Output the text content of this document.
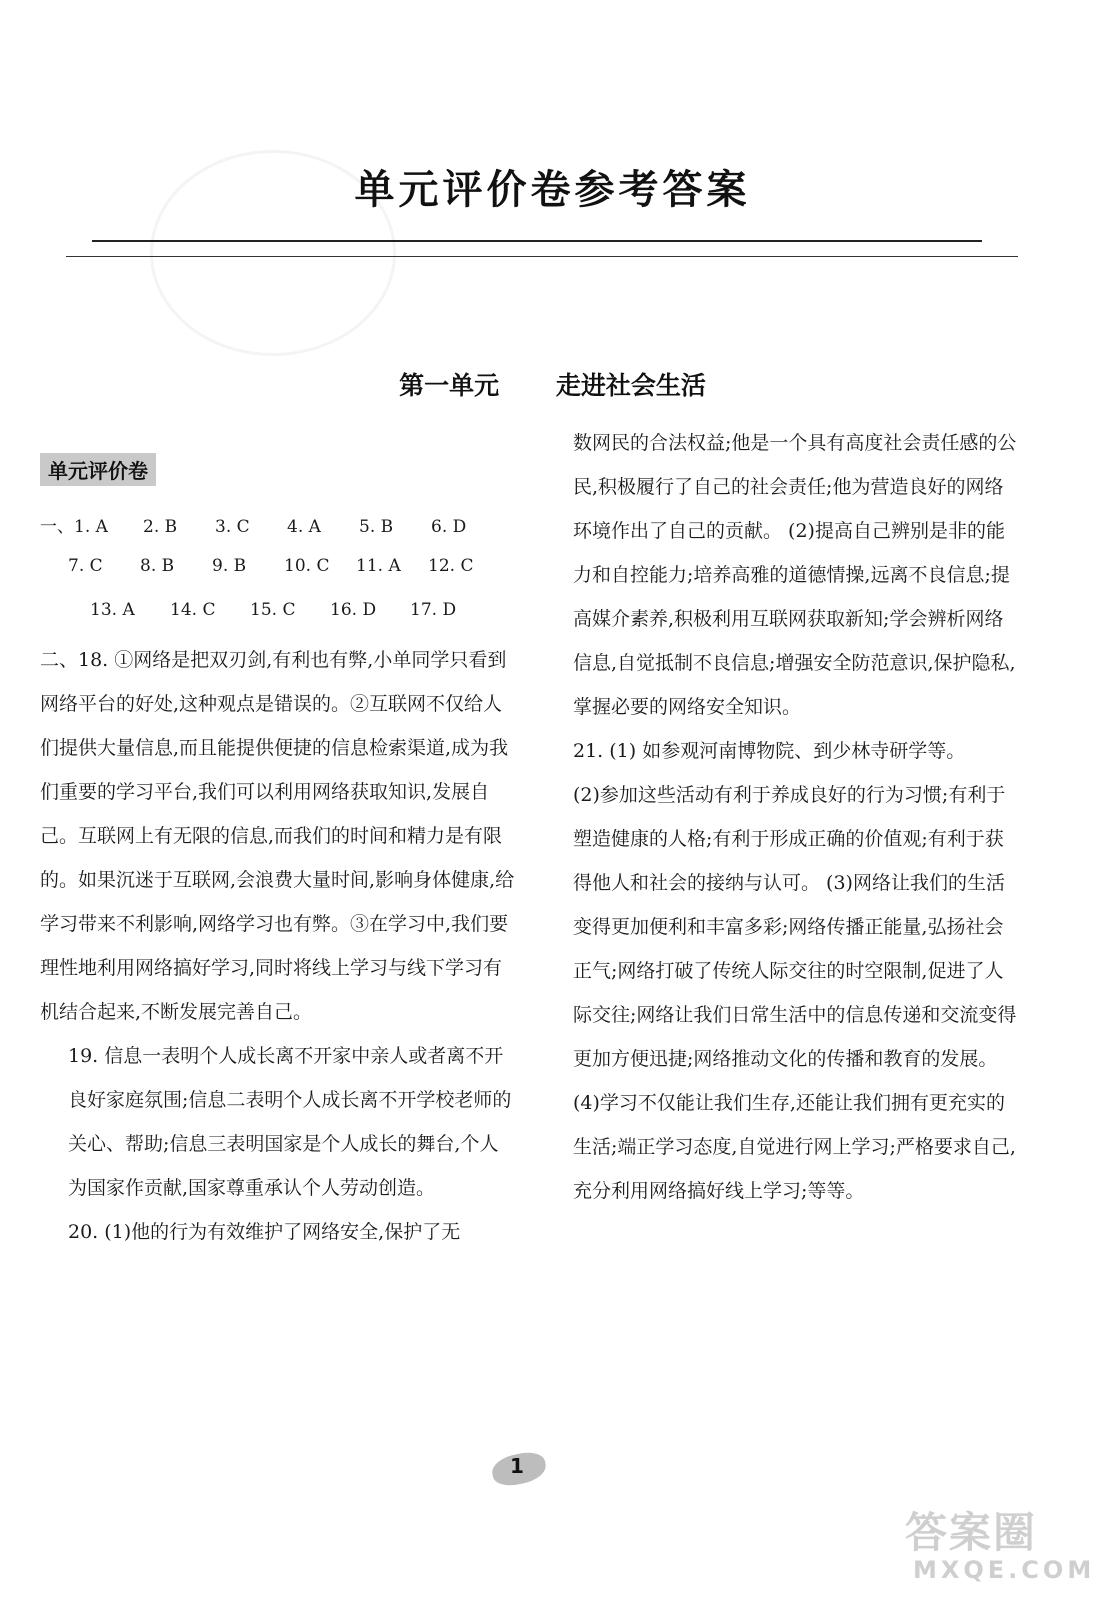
单元评价卷参考答案
第一单元 走进社会生活
单元评价卷
一、1. A 2. B 3. C 4. A 5. B 6. D
7. C 8. B 9. B 10. C 11. A 12. C
13. A 14. C 15. C 16. D 17. D

二、18. ①网络是把双刃剑,有利也有弊,小单同学只看到网络平台的好处,这种观点是错误的。②互联网不仅给人们提供大量信息,而且能提供便捷的信息检索渠道,成为我们重要的学习平台,我们可以利用网络获取知识,发展自己。互联网上有无限的信息,而我们的时间和精力是有限的。如果沉迷于互联网,会浪费大量时间,影响身体健康,给学习带来不利影响,网络学习也有弊。③在学习中,我们要理性地利用网络搞好学习,同时将线上学习与线下学习有机结合起来,不断发展完善自己。

19. 信息一表明个人成长离不开家中亲人或者离不开良好家庭氛围;信息二表明个人成长离不开学校老师的关心、帮助;信息三表明国家是个人成长的舞台,个人为国家作贡献,国家尊重承认个人劳动创造。

20. (1)他的行为有效维护了网络安全,保护了无

数网民的合法权益;他是一个具有高度社会责任感的公民,积极履行了自己的社会责任;他为营造良好的网络环境作出了自己的贡献。 (2)提高自己辨别是非的能力和自控能力;培养高雅的道德情操,远离不良信息;提高媒介素养,积极利用互联网获取新知;学会辨析网络信息,自觉抵制不良信息;增强安全防范意识,保护隐私,掌握必要的网络安全知识。

21. (1) 如参观河南博物院、到少林寺研学等。

(2)参加这些活动有利于养成良好的行为习惯;有利于塑造健康的人格;有利于形成正确的价值观;有利于获得他人和社会的接纳与认可。 (3)网络让我们的生活变得更加便利和丰富多彩;网络传播正能量,弘扬社会正气;网络打破了传统人际交往的时空限制,促进了人际交往;网络让我们日常生活中的信息传递和交流变得更加方便迅捷;网络推动文化的传播和教育的发展。 (4)学习不仅能让我们生存,还能让我们拥有更充实的生活;端正学习态度,自觉进行网上学习;严格要求自己,充分利用网络搞好线上学习;等等。

1
答案圈
MXQE.COM
